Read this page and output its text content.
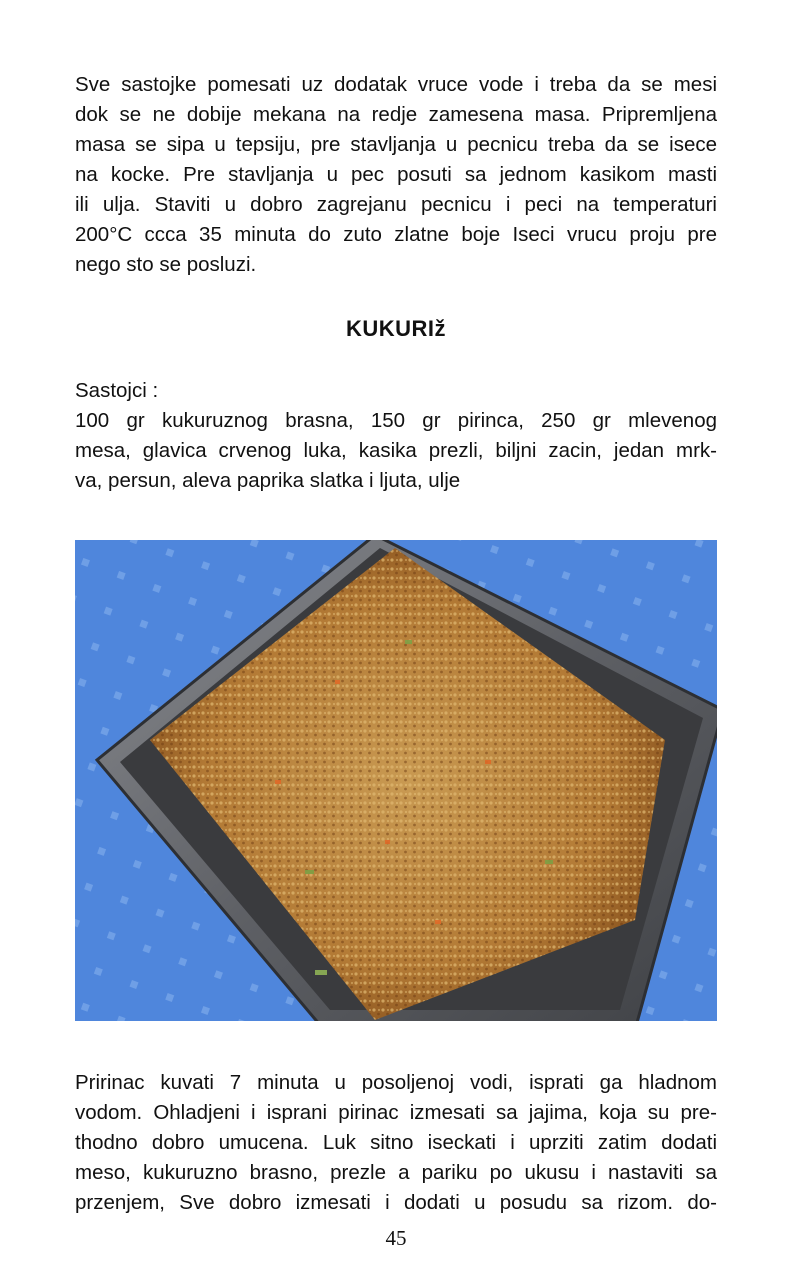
Sve sastojke pomesati uz dodatak vruce vode i treba da se mesi
dok se ne dobije mekana na redje zamesena masa. Pripremljena
masa se sipa u tepsiju, pre stavljanja u pecnicu treba da se isece
na kocke. Pre stavljanja u pec posuti sa jednom kasikom masti
ili ulja. Staviti u dobro zagrejanu pecnicu i peci na temperaturi
200°C ccca 35 minuta do zuto zlatne boje Iseci vrucu proju pre
nego sto se posluzi.

KUKURIž

Sastojci :
100 gr kukuruznog brasna, 150 gr pirinca, 250 gr mlevenog
mesa, glavica crvenog luka, kasika prezli, biljni zacin, jedan mrk-
va, persun, aleva paprika slatka i ljuta, ulje

Pririnac kuvati 7 minuta u posoljenoj vodi, isprati ga hladnom
vodom. Ohladjeni i isprani pirinac izmesati sa jajima, koja su pre-
thodno dobro umucena. Luk sitno iseckati i uprziti zatim dodati
meso, kukuruzno brasno, prezle a pariku po ukusu i nastaviti sa
przenjem, Sve dobro izmesati i dodati u posudu sa rizom. do-

45
